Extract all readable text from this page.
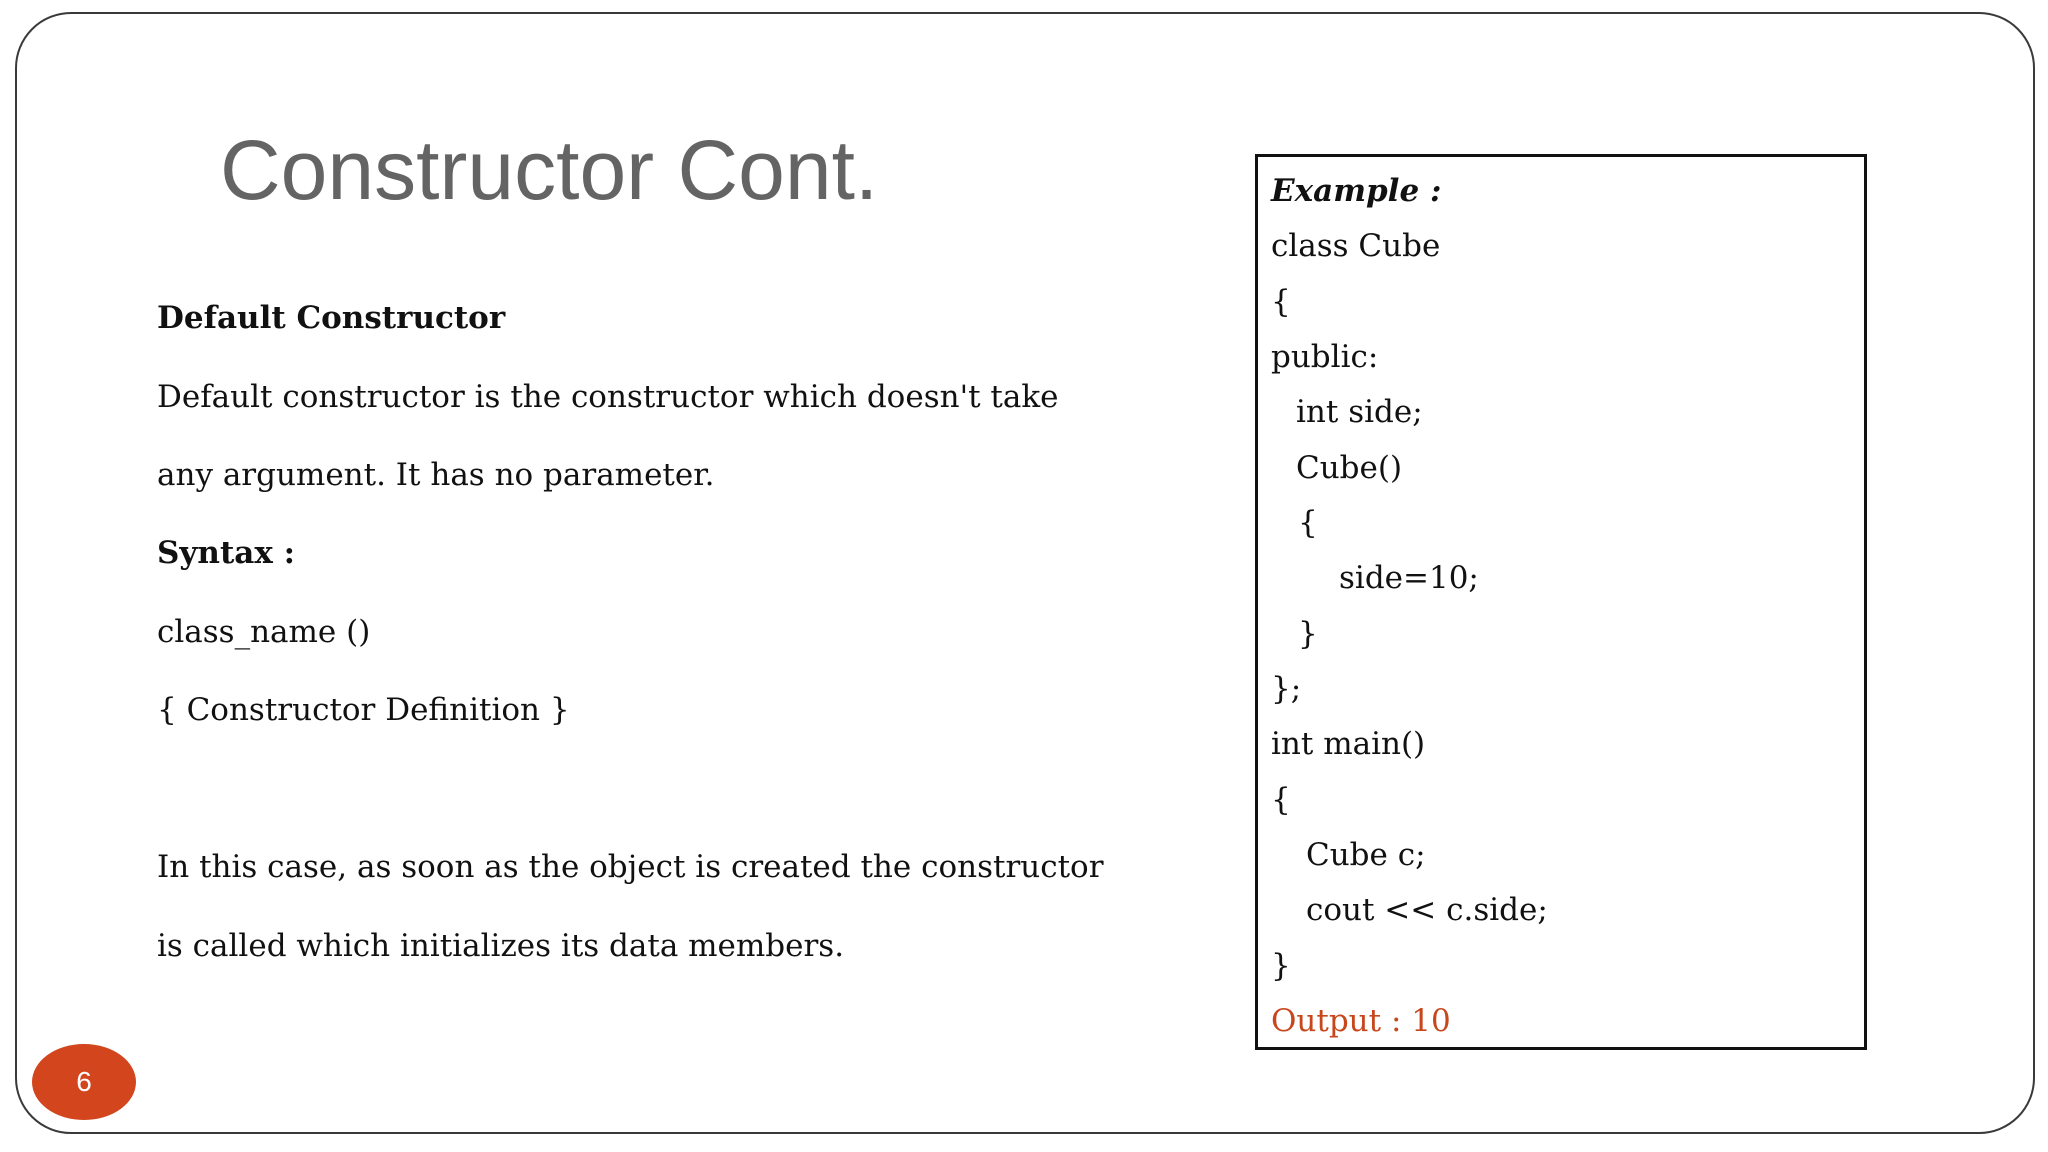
Constructor Cont.
Default Constructor
Default constructor is the constructor which doesn't take
any argument. It has no parameter.
Syntax :
class_name ()
{ Constructor Definition }
In this case, as soon as the object is created the constructor
is called which initializes its data members.
Example :
class Cube
{
public:
int side;
Cube()
{
side=10;
}
};
int main()
{
Cube c;
cout << c.side;
}
Output : 10
6
